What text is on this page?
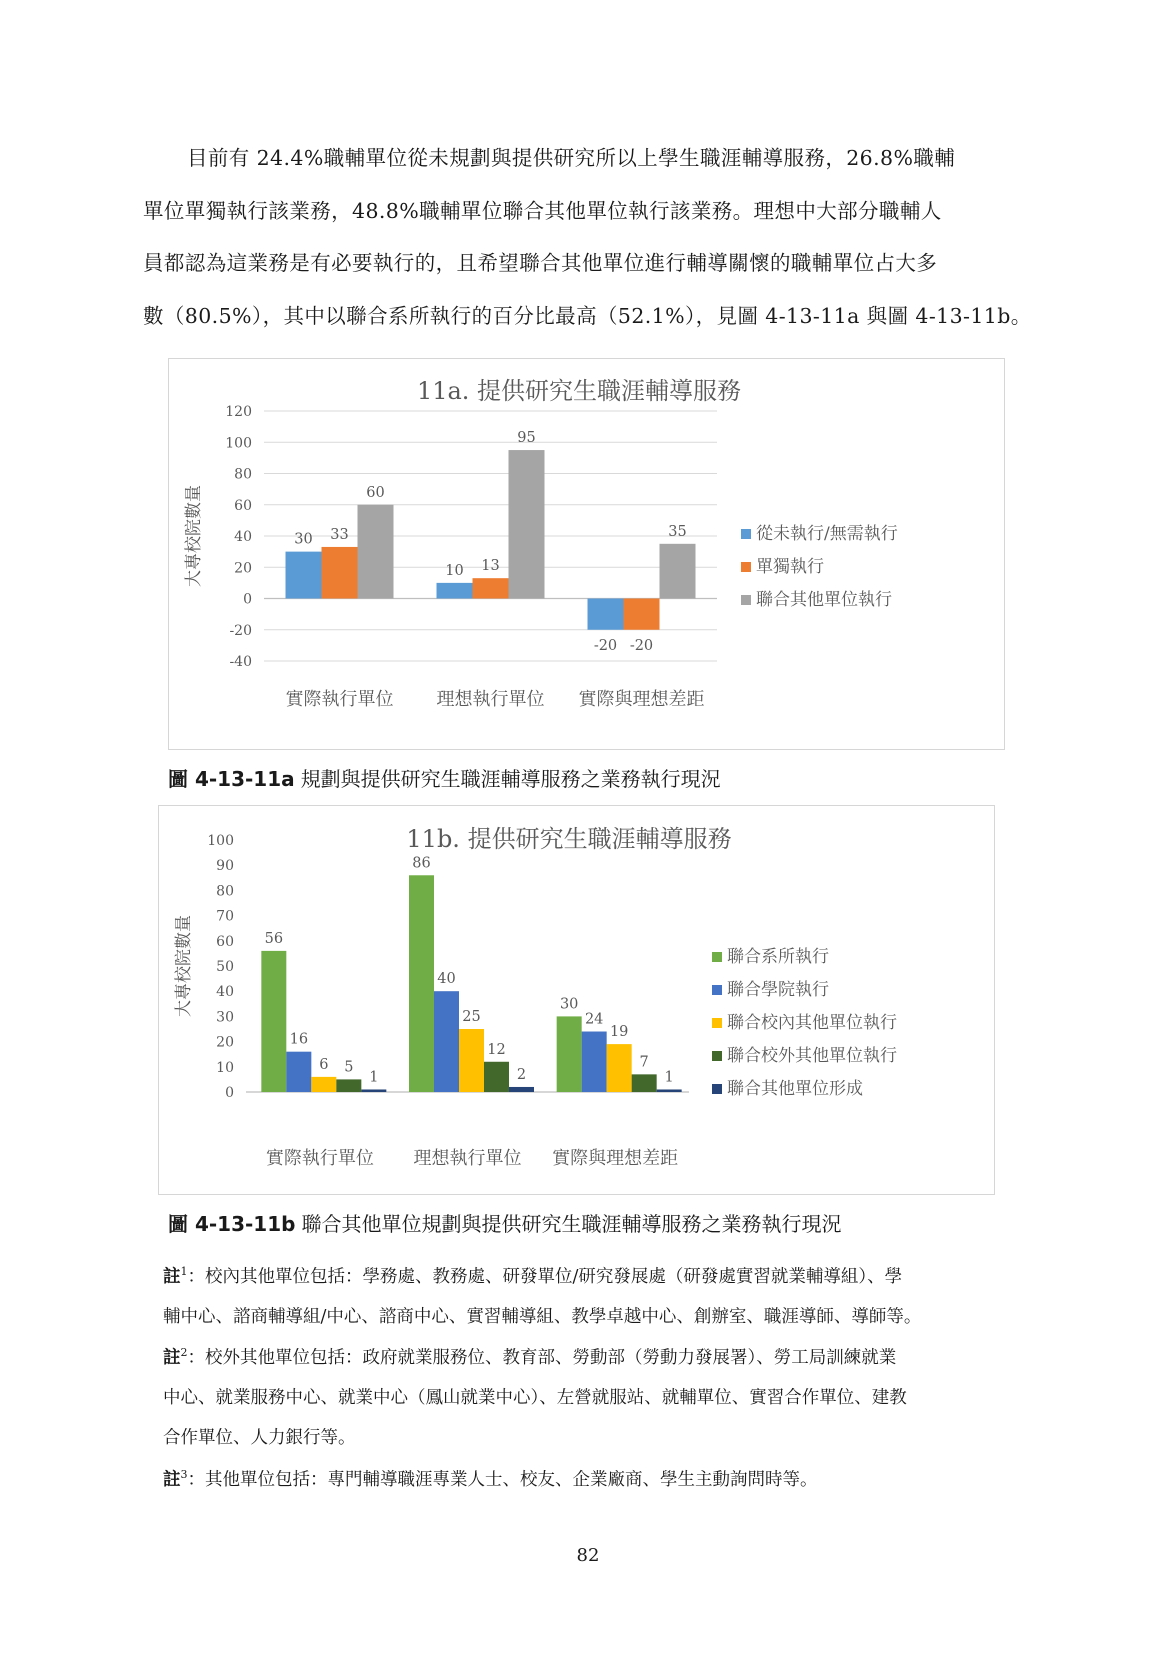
目前有 24.4%職輔單位從未規劃與提供研究所以上學生職涯輔導服務，26.8%職輔
單位單獨執行該業務，48.8%職輔單位聯合其他單位執行該業務。理想中大部分職輔人
員都認為這業務是有必要執行的，且希望聯合其他單位進行輔導關懷的職輔單位占大多
數（80.5%），其中以聯合系所執行的百分比最高（52.1%），見圖 4-13-11a 與圖 4-13-11b。
11a. 提供研究生職涯輔導服務
大專校院數量
-40
-20
0
20
40
60
80
100
120
30 33
60
實際執行單位
10 13
95
理想執行單位
-20 -20
35
實際與理想差距
從未執行/無需執行
單獨執行
聯合其他單位執行
圖 4-13-11a 規劃與提供研究生職涯輔導服務之業務執行現況
11b. 提供研究生職涯輔導服務
大專校院數量
0
10
20
30
40
50
60
70
80
90
100
56
16
6 5
1
實際執行單位
86
40
25
12
2
理想執行單位
30
24
19
7
1
實際與理想差距
聯合系所執行
聯合學院執行
聯合校內其他單位執行
聯合校外其他單位執行
聯合其他單位形成
圖 4-13-11b 聯合其他單位規劃與提供研究生職涯輔導服務之業務執行現況
註$^1$：校內其他單位包括：學務處、教務處、研發單位/研究發展處（研發處實習就業輔導組）、學
輔中心、諮商輔導組/中心、諮商中心、實習輔導組、教學卓越中心、創辦室、職涯導師、導師等。
註$^2$：校外其他單位包括：政府就業服務位、教育部、勞動部（勞動力發展署）、勞工局訓練就業
中心、就業服務中心、就業中心（鳳山就業中心）、左營就服站、就輔單位、實習合作單位、建教
合作單位、人力銀行等。
註$^3$：其他單位包括：專門輔導職涯專業人士、校友、企業廠商、學生主動詢問時等。
82
